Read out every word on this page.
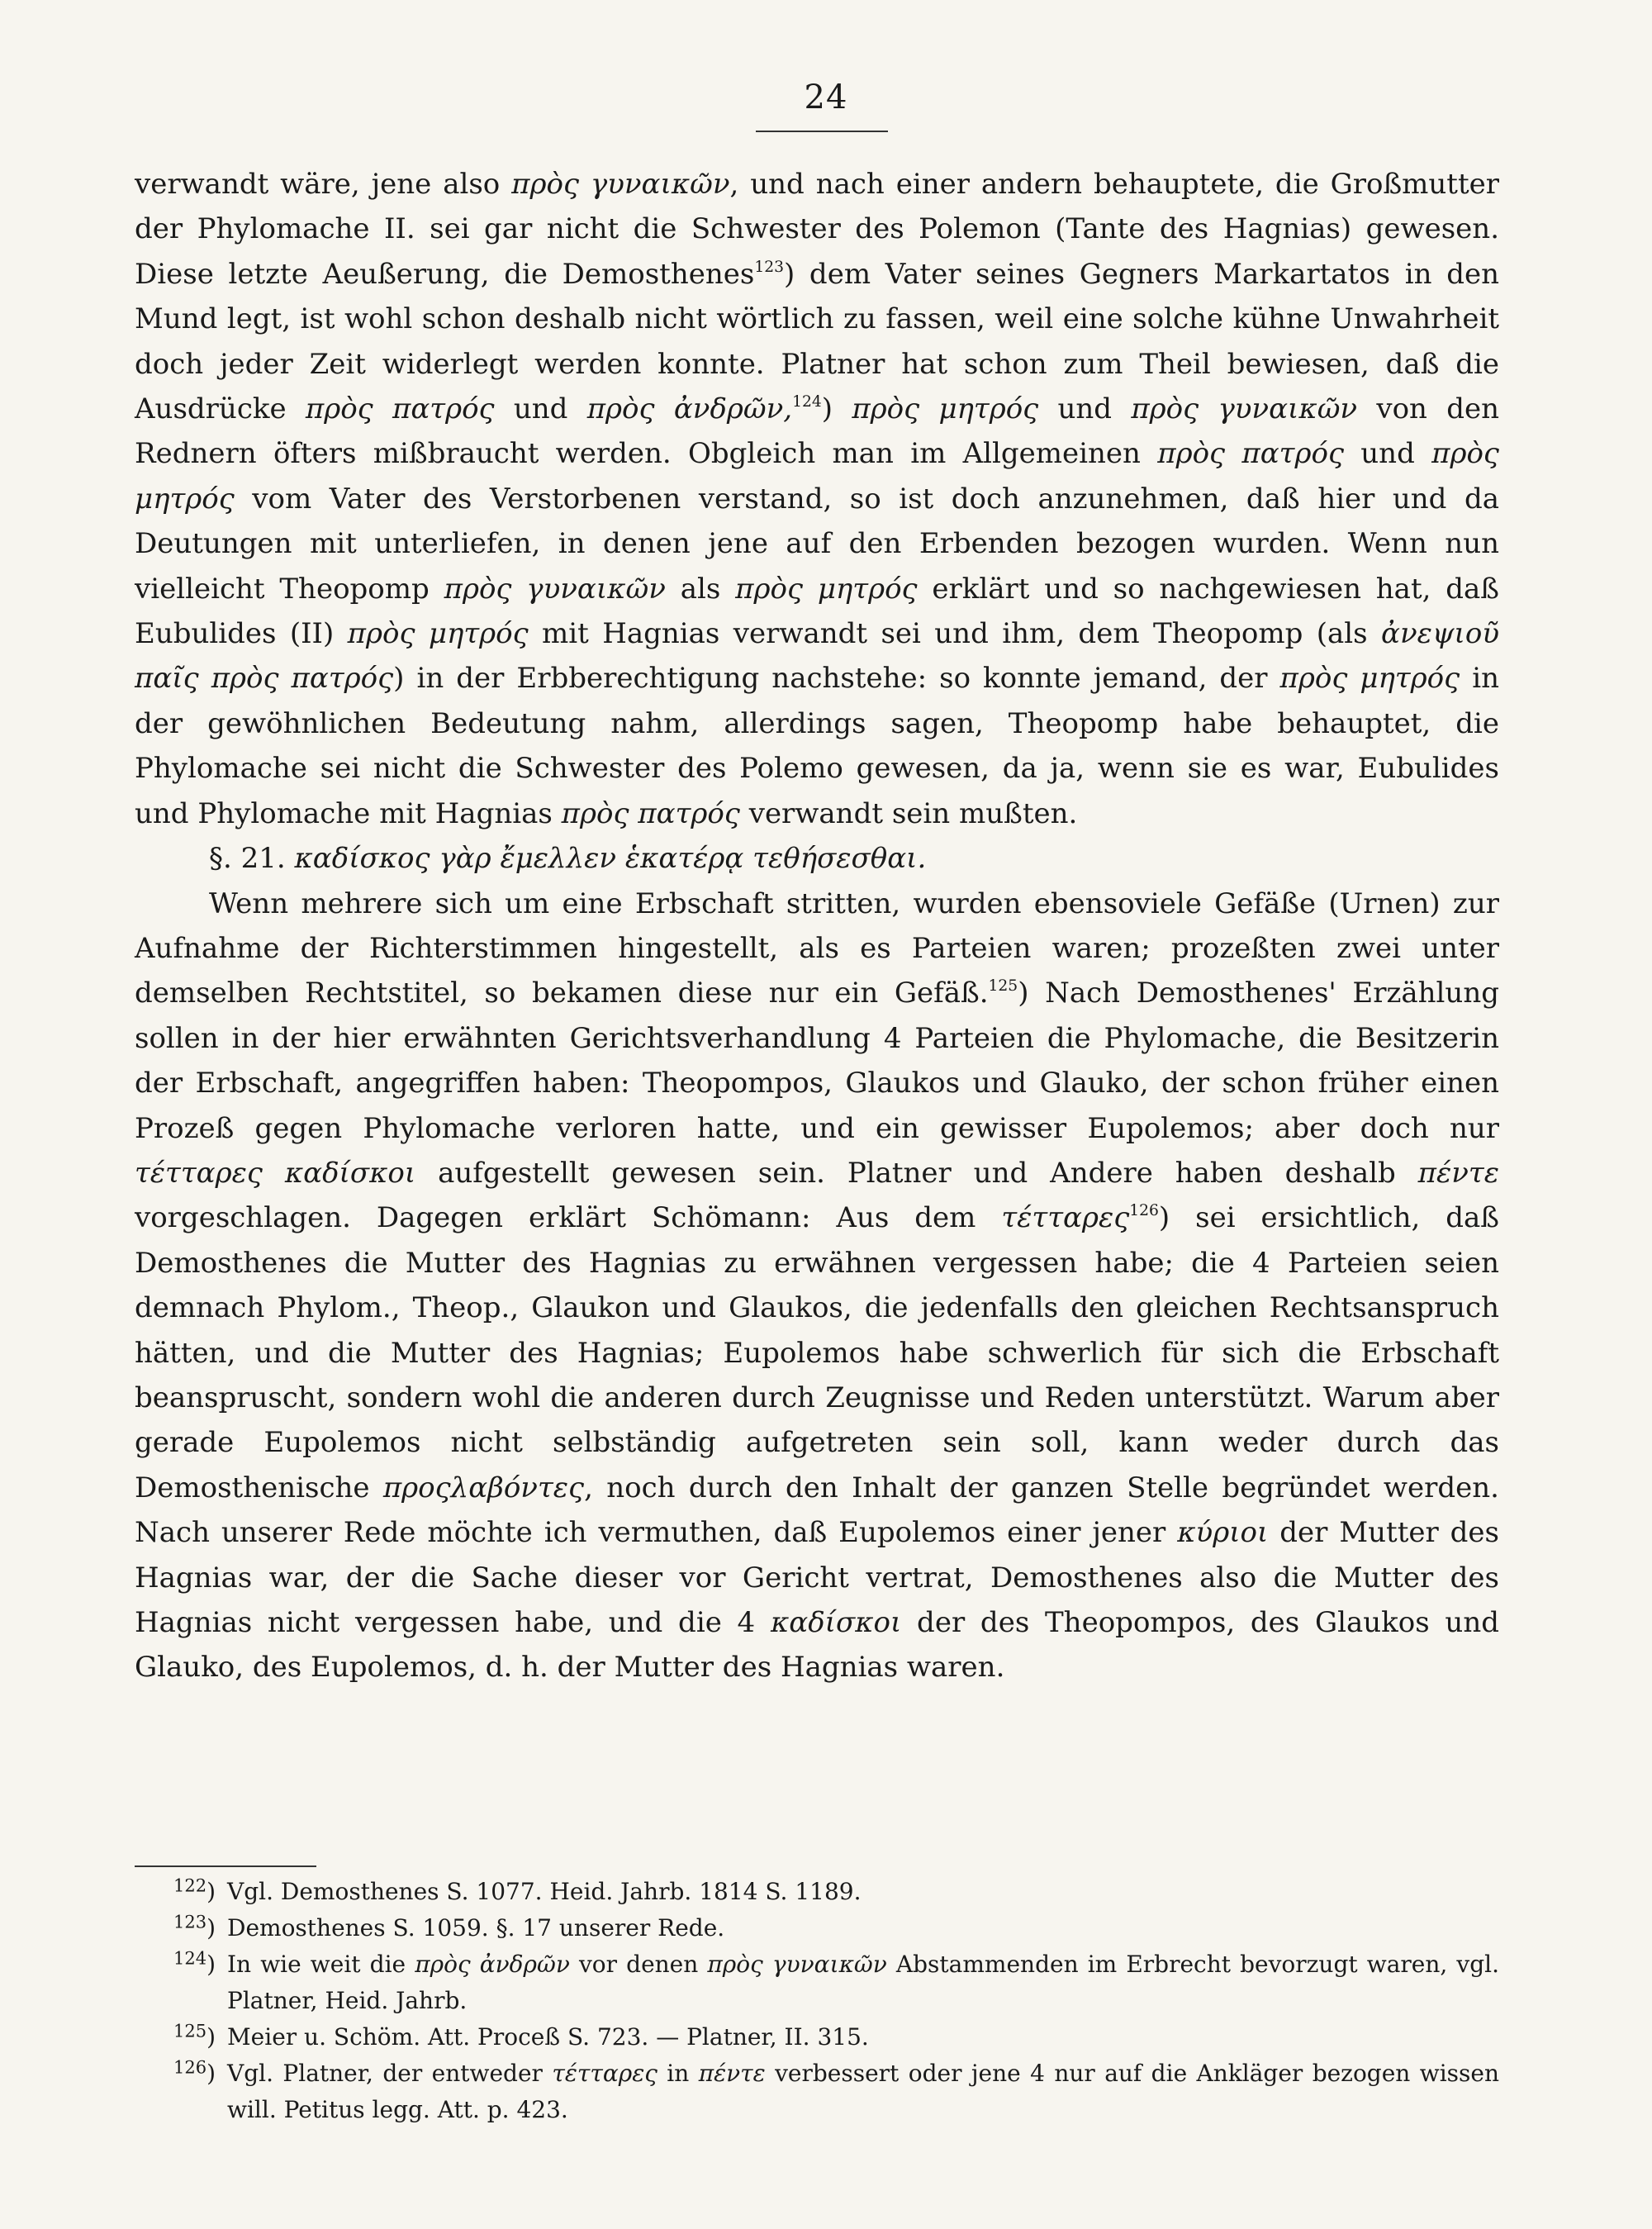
24

verwandt wäre, jene also πρὸς γυναικῶν, und nach einer andern behauptete, die Großmutter der Phylomache II. sei gar nicht die Schwester des Polemon (Tante des Hagnias) gewesen. Diese letzte Aeußerung, die Demosthenes$^{123}$) dem Vater seines Gegners Markartatos in den Mund legt, ist wohl schon deshalb nicht wörtlich zu fassen, weil eine solche kühne Unwahrheit doch jeder Zeit widerlegt werden konnte. Platner hat schon zum Theil bewiesen, daß die Ausdrücke πρὸς πατρός und πρὸς ἀνδρῶν,$^{124}$) πρὸς μητρός und πρὸς γυναικῶν von den Rednern öfters mißbraucht werden. Obgleich man im Allgemeinen πρὸς πατρός und πρὸς μητρός vom Vater des Verstorbenen verstand, so ist doch anzunehmen, daß hier und da Deutungen mit unterliefen, in denen jene auf den Erbenden bezogen wurden. Wenn nun vielleicht Theopomp πρὸς γυναικῶν als πρὸς μητρός erklärt und so nachgewiesen hat, daß Eubulides (II) πρὸς μητρός mit Hagnias verwandt sei und ihm, dem Theopomp (als ἀνεψιοῦ παῖς πρὸς πατρός) in der Erbberechtigung nachstehe: so konnte jemand, der πρὸς μητρός in der gewöhnlichen Bedeutung nahm, allerdings sagen, Theopomp habe behauptet, die Phylomache sei nicht die Schwester des Polemo gewesen, da ja, wenn sie es war, Eubulides und Phylomache mit Hagnias πρὸς πατρός verwandt sein mußten.

§. 21. καδίσκος γὰρ ἔμελλεν ἑκατέρᾳ τεθήσεσθαι.

Wenn mehrere sich um eine Erbschaft stritten, wurden ebensoviele Gefäße (Urnen) zur Aufnahme der Richterstimmen hingestellt, als es Parteien waren; prozeßten zwei unter demselben Rechtstitel, so bekamen diese nur ein Gefäß.$^{125}$) Nach Demosthenes' Erzählung sollen in der hier erwähnten Gerichtsverhandlung 4 Parteien die Phylomache, die Besitzerin der Erbschaft, angegriffen haben: Theopompos, Glaukos und Glauko, der schon früher einen Prozeß gegen Phylomache verloren hatte, und ein gewisser Eupolemos; aber doch nur τέτταρες καδίσκοι aufgestellt gewesen sein. Platner und Andere haben deshalb πέντε vorgeschlagen. Dagegen erklärt Schömann: Aus dem τέτταρες$^{126}$) sei ersichtlich, daß Demosthenes die Mutter des Hagnias zu erwähnen vergessen habe; die 4 Parteien seien demnach Phylom., Theop., Glaukon und Glaukos, die jedenfalls den gleichen Rechtsanspruch hätten, und die Mutter des Hagnias; Eupolemos habe schwerlich für sich die Erbschaft beanspruscht, sondern wohl die anderen durch Zeugnisse und Reden unterstützt. Warum aber gerade Eupolemos nicht selbständig aufgetreten sein soll, kann weder durch das Demosthenische προςλαβόντες, noch durch den Inhalt der ganzen Stelle begründet werden. Nach unserer Rede möchte ich vermuthen, daß Eupolemos einer jener κύριοι der Mutter des Hagnias war, der die Sache dieser vor Gericht vertrat, Demosthenes also die Mutter des Hagnias nicht vergessen habe, und die 4 καδίσκοι der des Theopompos, des Glaukos und Glauko, des Eupolemos, d. h. der Mutter des Hagnias waren.

$^{122}$) Vgl. Demosthenes S. 1077. Heid. Jahrb. 1814 S. 1189.
$^{123}$) Demosthenes S. 1059. §. 17 unserer Rede.
$^{124}$) In wie weit die πρὸς ἀνδρῶν vor denen πρὸς γυναικῶν Abstammenden im Erbrecht bevorzugt waren, vgl. Platner, Heid. Jahrb.
$^{125}$) Meier u. Schöm. Att. Proceß S. 723. — Platner, II. 315.
$^{126}$) Vgl. Platner, der entweder τέτταρες in πέντε verbessert oder jene 4 nur auf die Ankläger bezogen wissen will. Petitus legg. Att. p. 423.
